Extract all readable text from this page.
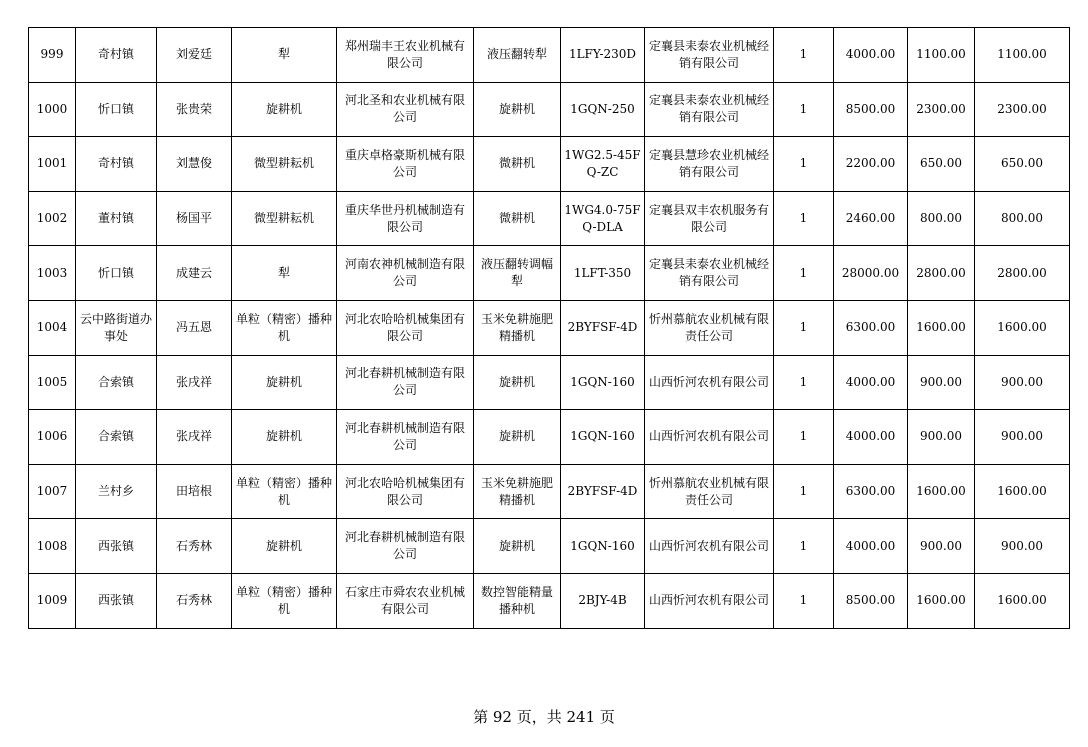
999	奇村镇	刘爱廷	犁	郑州瑞丰王农业机械有限公司	液压翻转犁	1LFY-230D	定襄县耒泰农业机械经销有限公司	1	4000.00	1100.00	1100.00
1000	忻口镇	张贵荣	旋耕机	河北圣和农业机械有限公司	旋耕机	1GQN-250	定襄县耒泰农业机械经销有限公司	1	8500.00	2300.00	2300.00
1001	奇村镇	刘慧俊	微型耕耘机	重庆卓格豪斯机械有限公司	微耕机	1WG2.5-45FQ-ZC	定襄县慧珍农业机械经销有限公司	1	2200.00	650.00	650.00
1002	董村镇	杨国平	微型耕耘机	重庆华世丹机械制造有限公司	微耕机	1WG4.0-75FQ-DLA	定襄县双丰农机服务有限公司	1	2460.00	800.00	800.00
1003	忻口镇	成建云	犁	河南农神机械制造有限公司	液压翻转调幅犁	1LFT-350	定襄县耒泰农业机械经销有限公司	1	28000.00	2800.00	2800.00
1004	云中路街道办事处	冯五恩	单粒（精密）播种机	河北农哈哈机械集团有限公司	玉米免耕施肥精播机	2BYFSF-4D	忻州慕航农业机械有限责任公司	1	6300.00	1600.00	1600.00
1005	合索镇	张戌祥	旋耕机	河北春耕机械制造有限公司	旋耕机	1GQN-160	山西忻河农机有限公司	1	4000.00	900.00	900.00
1006	合索镇	张戌祥	旋耕机	河北春耕机械制造有限公司	旋耕机	1GQN-160	山西忻河农机有限公司	1	4000.00	900.00	900.00
1007	兰村乡	田培根	单粒（精密）播种机	河北农哈哈机械集团有限公司	玉米免耕施肥精播机	2BYFSF-4D	忻州慕航农业机械有限责任公司	1	6300.00	1600.00	1600.00
1008	西张镇	石秀林	旋耕机	河北春耕机械制造有限公司	旋耕机	1GQN-160	山西忻河农机有限公司	1	4000.00	900.00	900.00
1009	西张镇	石秀林	单粒（精密）播种机	石家庄市舜农农业机械有限公司	数控智能精量播种机	2BJY-4B	山西忻河农机有限公司	1	8500.00	1600.00	1600.00
第 92 页，共 241 页
